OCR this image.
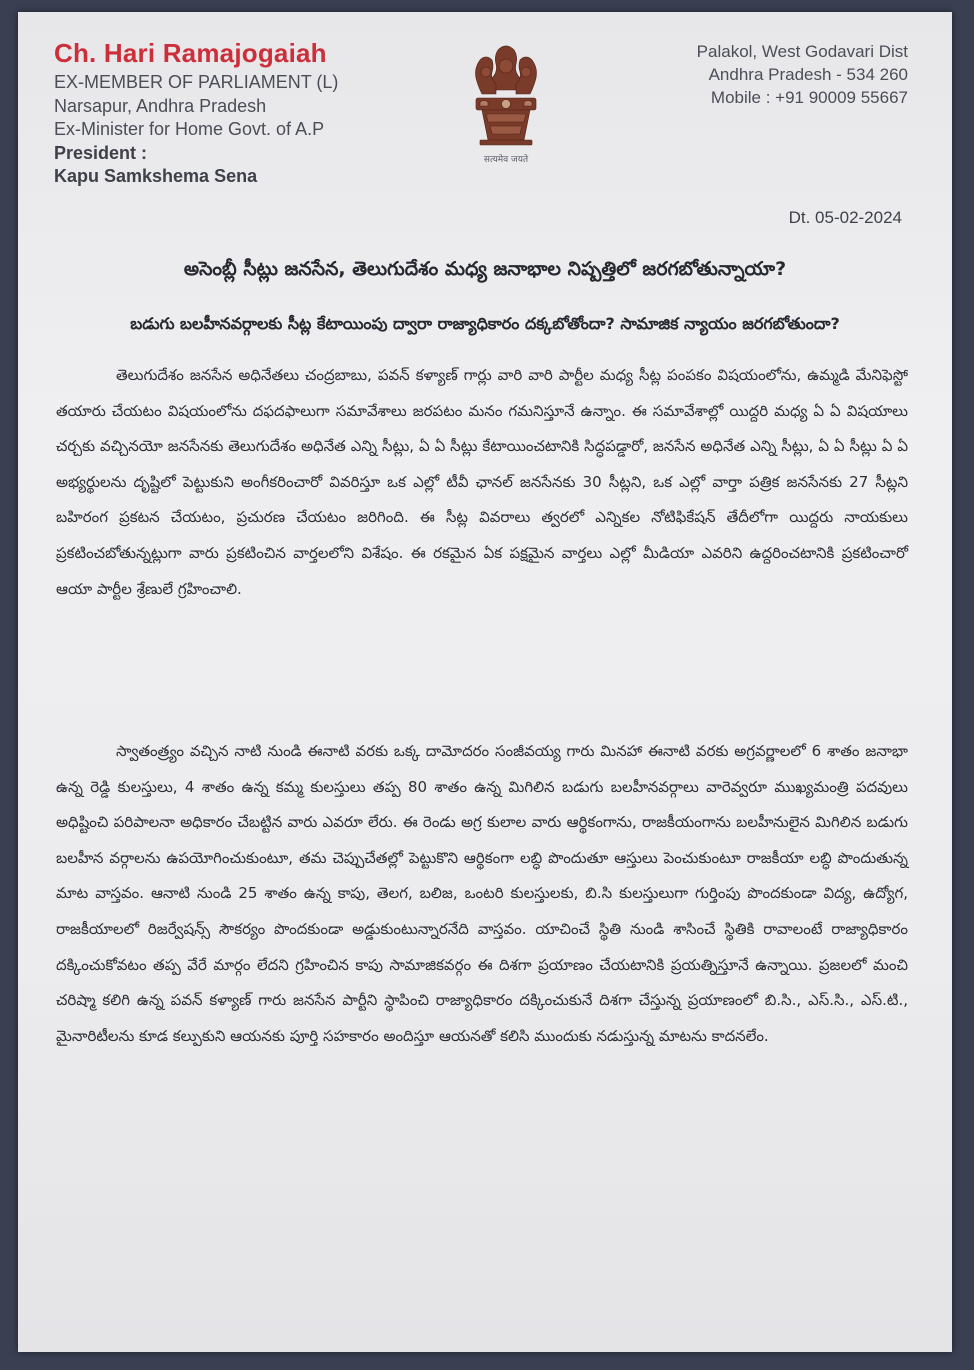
Ch. Hari Ramajogaiah
EX-MEMBER OF PARLIAMENT (L)
Narsapur, Andhra Pradesh
Ex-Minister for Home Govt. of A.P
President :
Kapu Samkshema Sena
सत्यमेव जयते
Palakol, West Godavari Dist
Andhra Pradesh - 534 260
Mobile : +91 90009 55667
Dt. 05-02-2024
అసెంబ్లీ సీట్లు జనసేన, తెలుగుదేశం మధ్య జనాభాల నిష్పత్తిలో జరగబోతున్నాయా?
బడుగు బలహీనవర్గాలకు సీట్ల కేటాయింపు ద్వారా రాజ్యాధికారం దక్కబోతోందా? సామాజిక న్యాయం జరగబోతుందా?

తెలుగుదేశం జనసేన అధినేతలు చంద్రబాబు, పవన్ కళ్యాణ్ గార్లు వారి వారి పార్టీల మధ్య సీట్ల పంపకం విషయంలోను, ఉమ్మడి మేనిఫెస్టో తయారు చేయటం విషయంలోను దఫదఫాలుగా సమావేశాలు జరపటం మనం గమనిస్తూనే ఉన్నాం. ఈ సమావేశాల్లో యిద్దరి మధ్య ఏ ఏ విషయాలు చర్చకు వచ్చినయో జనసేనకు తెలుగుదేశం అధినేత ఎన్ని సీట్లు, ఏ ఏ సీట్లు కేటాయించటానికి సిద్ధపడ్డారో, జనసేన అధినేత ఎన్ని సీట్లు, ఏ ఏ సీట్లు ఏ ఏ అభ్యర్థులను దృష్టిలో పెట్టుకుని అంగీకరించారో వివరిస్తూ ఒక ఎల్లో టీవీ ఛానల్ జనసేనకు 30 సీట్లని, ఒక ఎల్లో వార్తా పత్రిక జనసేనకు 27 సీట్లని బహిరంగ ప్రకటన చేయటం, ప్రచురణ చేయటం జరిగింది. ఈ సీట్ల వివరాలు త్వరలో ఎన్నికల నోటిఫికేషన్ తేదీలోగా యిద్దరు నాయకులు ప్రకటించబోతున్నట్లుగా వారు ప్రకటించిన వార్తలలోని విశేషం. ఈ రకమైన ఏక పక్షమైన వార్తలు ఎల్లో మీడియా ఎవరిని ఉద్దరించటానికి ప్రకటించారో ఆయా పార్టీల శ్రేణులే గ్రహించాలి.

స్వాతంత్ర్యం వచ్చిన నాటి నుండి ఈనాటి వరకు ఒక్క దామోదరం సంజీవయ్య గారు మినహా ఈనాటి వరకు అగ్రవర్ణాలలో 6 శాతం జనాభా ఉన్న రెడ్డి కులస్తులు, 4 శాతం ఉన్న కమ్మ కులస్తులు తప్ప 80 శాతం ఉన్న మిగిలిన బడుగు బలహీనవర్గాలు వారెవ్వరూ ముఖ్యమంత్రి పదవులు అధిష్టించి పరిపాలనా అధికారం చేబట్టిన వారు ఎవరూ లేరు. ఈ రెండు అగ్ర కులాల వారు ఆర్థికంగాను, రాజకీయంగాను బలహీనులైన మిగిలిన బడుగు బలహీన వర్గాలను ఉపయోగించుకుంటూ, తమ చెప్పుచేతల్లో పెట్టుకొని ఆర్థికంగా లబ్ధి పొందుతూ ఆస్తులు పెంచుకుంటూ రాజకీయా లబ్ధి పొందుతున్న మాట వాస్తవం. ఆనాటి నుండి 25 శాతం ఉన్న కాపు, తెలగ, బలిజ, ఒంటరి కులస్తులకు, బి.సి కులస్తులుగా గుర్తింపు పొందకుండా విద్య, ఉద్యోగ, రాజకీయాలలో రిజర్వేషన్స్ సౌకర్యం పొందకుండా అడ్డుకుంటున్నారనేది వాస్తవం. యాచించే స్థితి నుండి శాసించే స్థితికి రావాలంటే రాజ్యాధికారం దక్కించుకోవటం తప్ప వేరే మార్గం లేదని గ్రహించిన కాపు సామాజికవర్గం ఈ దిశగా ప్రయాణం చేయటానికి ప్రయత్నిస్తూనే ఉన్నాయి. ప్రజలలో మంచి చరిష్మా కలిగి ఉన్న పవన్ కళ్యాణ్ గారు జనసేన పార్టీని స్థాపించి రాజ్యాధికారం దక్కించుకునే దిశగా చేస్తున్న ప్రయాణంలో బి.సి., ఎస్.సి., ఎస్.టి., మైనారిటీలను కూడ కల్పుకుని ఆయనకు పూర్తి సహకారం అందిస్తూ ఆయనతో కలిసి ముందుకు నడుస్తున్న మాటను కాదనలేం.
